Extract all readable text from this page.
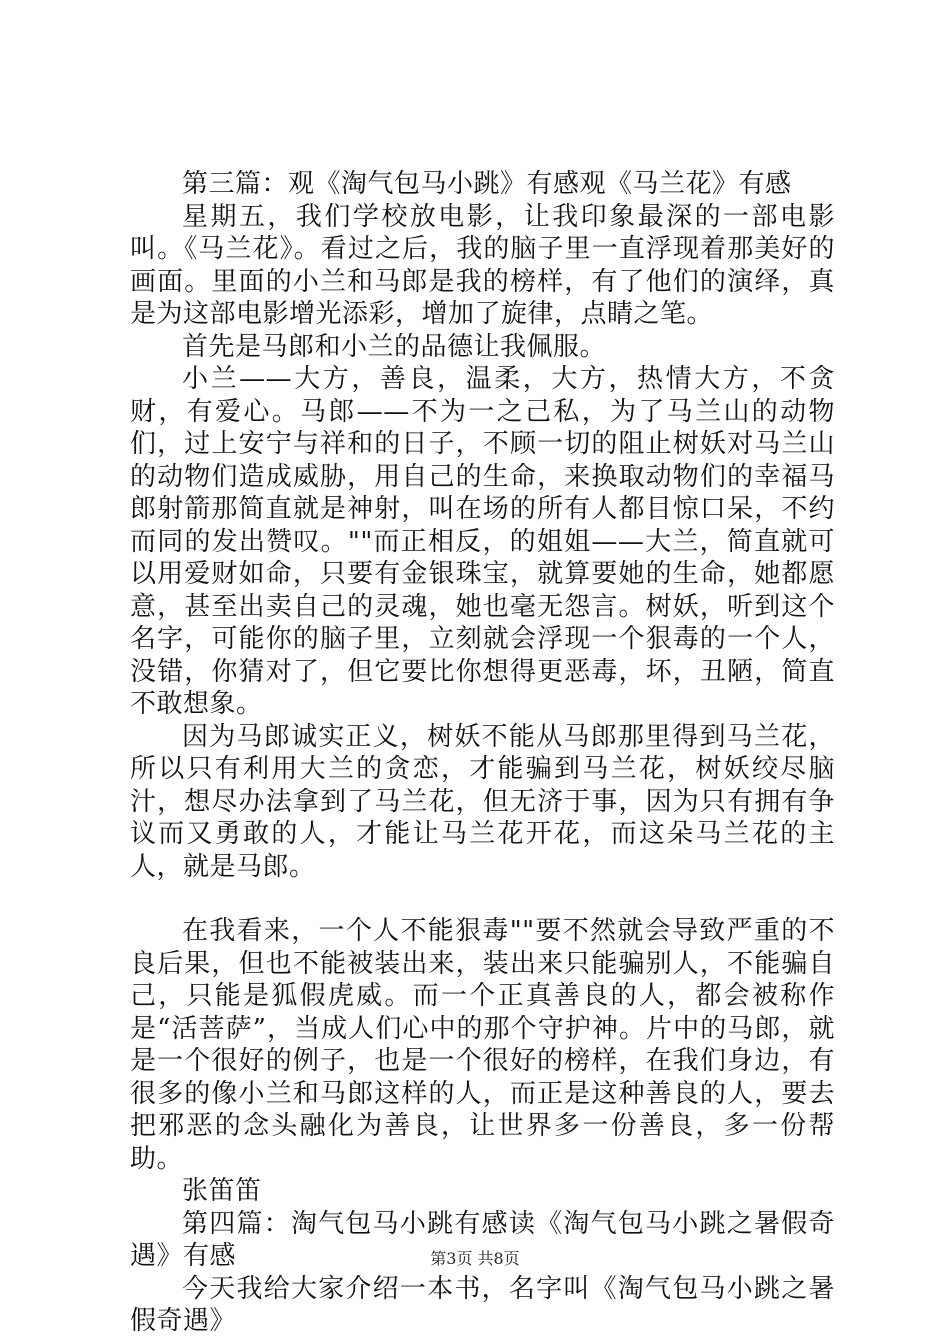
第三篇：观《淘气包马小跳》有感观《马兰花》有感

星期五，我们学校放电影，让我印象最深的一部电影叫。《马兰花》。看过之后，我的脑子里一直浮现着那美好的画面。里面的小兰和马郎是我的榜样，有了他们的演绎，真是为这部电影增光添彩，增加了旋律，点睛之笔。

首先是马郎和小兰的品德让我佩服。

小兰——大方，善良，温柔，大方，热情大方，不贪财，有爱心。马郎——不为一之己私，为了马兰山的动物们，过上安宁与祥和的日子，不顾一切的阻止树妖对马兰山的动物们造成威胁，用自己的生命，来换取动物们的幸福马郎射箭那简直就是神射，叫在场的所有人都目惊口呆，不约而同的发出赞叹。""而正相反，的姐姐——大兰，简直就可以用爱财如命，只要有金银珠宝，就算要她的生命，她都愿意，甚至出卖自己的灵魂，她也毫无怨言。树妖，听到这个名字，可能你的脑子里，立刻就会浮现一个狠毒的一个人，没错，你猜对了，但它要比你想得更恶毒，坏，丑陋，简直不敢想象。

因为马郎诚实正义，树妖不能从马郎那里得到马兰花，所以只有利用大兰的贪恋，才能骗到马兰花，树妖绞尽脑汁，想尽办法拿到了马兰花，但无济于事，因为只有拥有争议而又勇敢的人，才能让马兰花开花，而这朵马兰花的主人，就是马郎。

在我看来，一个人不能狠毒""要不然就会导致严重的不良后果，但也不能被装出来，装出来只能骗别人，不能骗自己，只能是狐假虎威。而一个正真善良的人，都会被称作是“活菩萨”，当成人们心中的那个守护神。片中的马郎，就是一个很好的例子，也是一个很好的榜样，在我们身边，有很多的像小兰和马郎这样的人，而正是这种善良的人，要去把邪恶的念头融化为善良，让世界多一份善良，多一份帮助。

张笛笛

第四篇：淘气包马小跳有感读《淘气包马小跳之暑假奇遇》有感

今天我给大家介绍一本书，名字叫《淘气包马小跳之暑假奇遇》

第3页 共8页
